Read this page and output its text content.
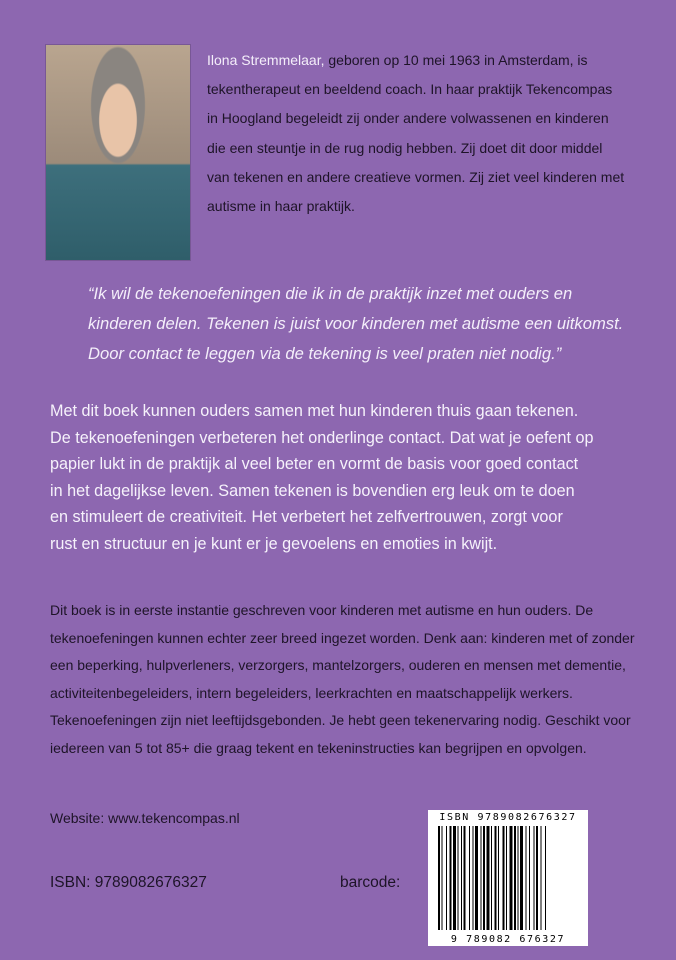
Ilona Stremmelaar, geboren op 10 mei 1963 in Amsterdam, is tekentherapeut en beeldend coach. In haar praktijk Tekencompas in Hoogland begeleidt zij onder andere volwassenen en kinderen die een steuntje in de rug nodig hebben. Zij doet dit door middel van tekenen en andere creatieve vormen. Zij ziet veel kinderen met autisme in haar praktijk.
“Ik wil de tekenoefeningen die ik in de praktijk inzet met ouders en
kinderen delen. Tekenen is juist voor kinderen met autisme een uitkomst.
Door contact te leggen via de tekening is veel praten niet nodig.”
Met dit boek kunnen ouders samen met hun kinderen thuis gaan tekenen.
De tekenoefeningen verbeteren het onderlinge contact. Dat wat je oefent op
papier lukt in de praktijk al veel beter en vormt de basis voor goed contact
in het dagelijkse leven. Samen tekenen is bovendien erg leuk om te doen
en stimuleert de creativiteit. Het verbetert het zelfvertrouwen, zorgt voor
rust en structuur en je kunt er je gevoelens en emoties in kwijt.
Dit boek is in eerste instantie geschreven voor kinderen met autisme en hun ouders. De tekenoefeningen kunnen echter zeer breed ingezet worden. Denk aan: kinderen met of zonder een beperking, hulpverleners, verzorgers, mantelzorgers, ouderen en mensen met dementie, activiteitenbegeleiders, intern begeleiders, leerkrachten en maatschappelijk werkers. Tekenoefeningen zijn niet leeftijdsgebonden. Je hebt geen tekenervaring nodig. Geschikt voor iedereen van 5 tot 85+ die graag tekent en tekeninstructies kan begrijpen en opvolgen.
Website: www.tekencompas.nl
ISBN: 9789082676327	barcode:
ISBN 9789082676327
9 789082 676327
